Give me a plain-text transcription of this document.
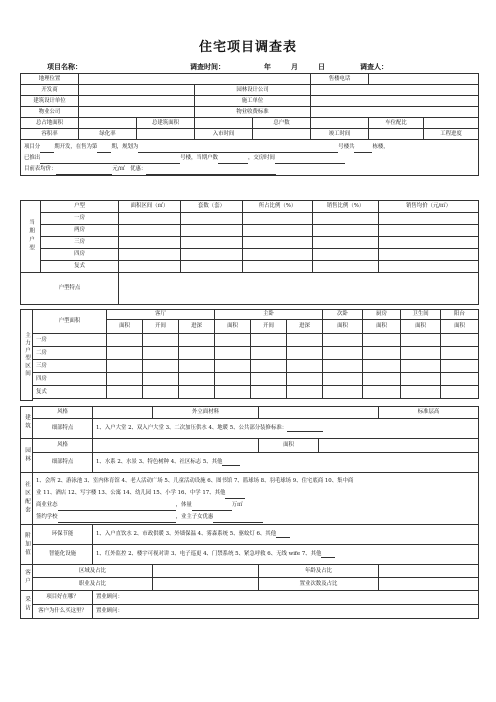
住宅项目调查表
项目名称：	调查时间：	年	月	日	调查人：
地理位置					售楼电话		
开发商			园林设计公司				
建筑设计单位			施工单位				
物业公司			物业收费标准				
总占地面积		总建筑面积		总户数		车位配比	
容积率	绿化率		入市时间		竣工时间		工程进度

项目分 期开发，在售为第 期，规划为 号楼共 栋楼，
已推出 号楼，当期户数 ，交房时间
目前表均价： 元/㎡ 优惠：							
当期户型	户型	面积区间（㎡）	套数（套）	所占比例（%）	销售比例（%）	销售均价（元/㎡）
	一房					
	两房					
	三房					
	四房					
	复式					
户型特点						
主力户型区间	户型面积	客厅			主卧			次卧	厨房	卫生间	阳台
		面积	开间	进深	面积	开间	进深	面积	面积	面积	面积
	一房										
	二房										
	三房										
	四房										
	复式										

建筑	风格		外立面材料			标准层高
	细部特点	1、入户大堂 2、双入户大堂 3、二次加压供水 4、地暖 5、公共部分装修标准：				
园林	风格			面积		
	细部特点	1、水系 2、水景 3、特色树种 4、社区标志 5、其他				
社区配套	1、会所 2、游泳池 3、室内体育馆 4、老人活动广场 5、儿童活动设施 6、图书馆 7、篮球场 8、羽毛球场 9、住宅底商 10、集中商
业 11、酒店 12、写字楼 13、公寓 14、幼儿园 15、小学 16、中学 17、其他
商业业态 ，体量 万㎡
签约学校 ，业主子女优惠					

附加值	环保节能	1、入户直饮水 2、市政供暖 3、外墙保温 4、雾森系统 5、驱蚊灯 6、其他				
	智能化设施	1、红外监控 2、楼宇可视对讲 3、电子巡更 4、门禁系统 5、紧急呼救 6、无线 wife 7、其他				
客户	区域及占比			年龄及占比		
	职业及占比			置业次数及占比		
采访	项目好在哪？	置业顾问：				
	客户为什么买这里？	置业顾问：				
